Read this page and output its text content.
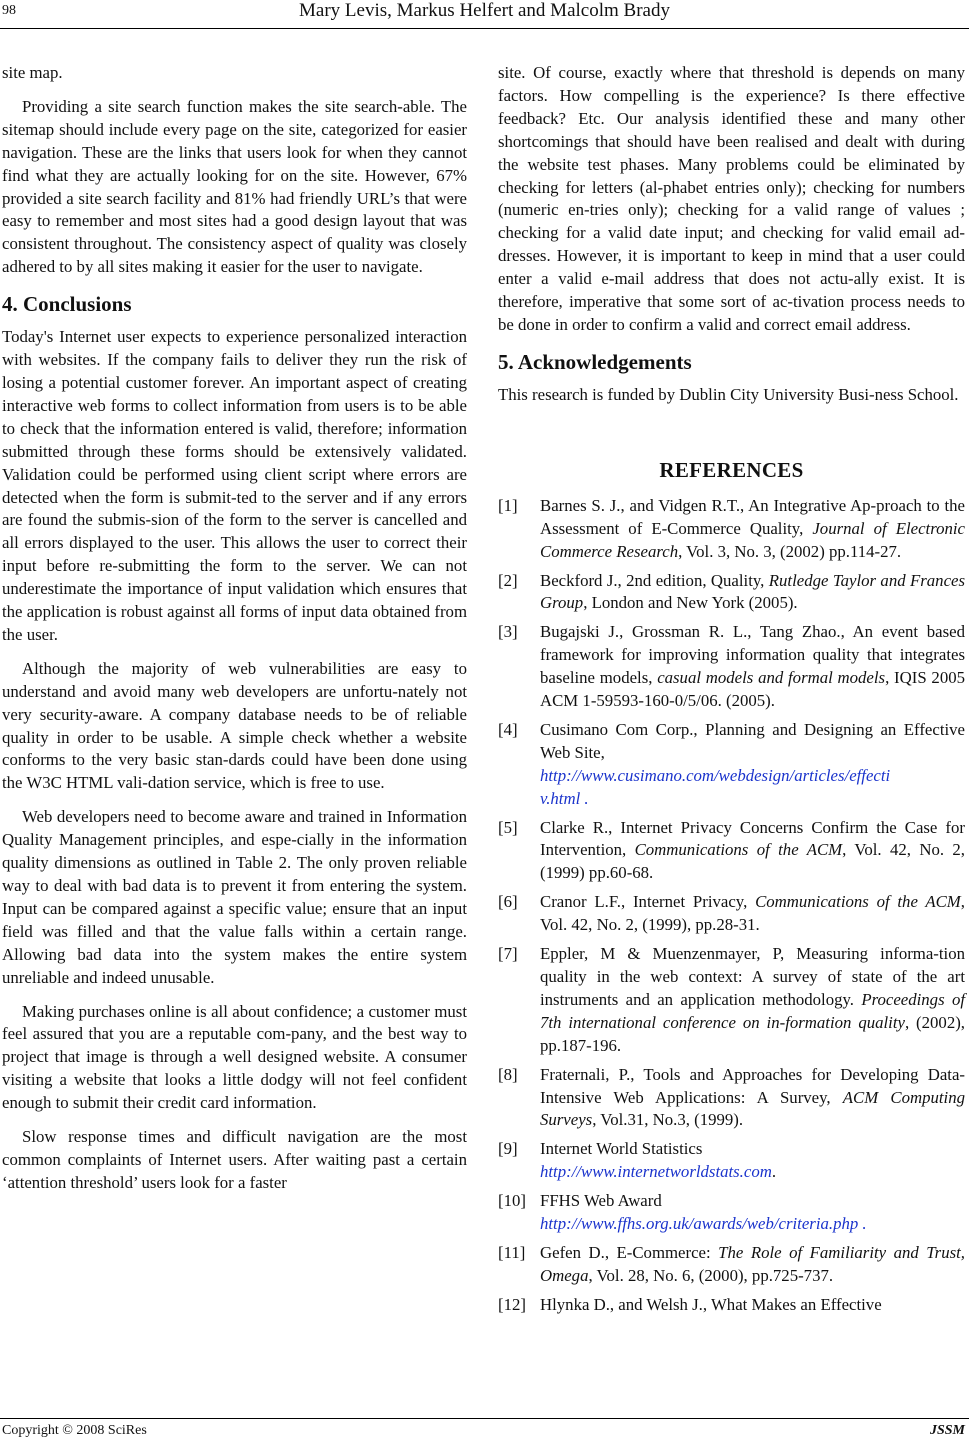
98	Mary Levis, Markus Helfert and Malcolm Brady

site map.

Providing a site search function makes the site search-able. The sitemap should include every page on the site, categorized for easier navigation. These are the links that users look for when they cannot find what they are actually looking for on the site. However, 67% provided a site search facility and 81% had friendly URL’s that were easy to remember and most sites had a good design layout that was consistent throughout. The consistency aspect of quality was closely adhered to by all sites making it easier for the user to navigate.

4. Conclusions

Today's Internet user expects to experience personalized interaction with websites. If the company fails to deliver they run the risk of losing a potential customer forever. An important aspect of creating interactive web forms to collect information from users is to be able to check that the information entered is valid, therefore; information submitted through these forms should be extensively validated. Validation could be performed using client script where errors are detected when the form is submit-ted to the server and if any errors are found the submis-sion of the form to the server is cancelled and all errors displayed to the user. This allows the user to correct their input before re-submitting the form to the server. We can not underestimate the importance of input validation which ensures that the application is robust against all forms of input data obtained from the user.

Although the majority of web vulnerabilities are easy to understand and avoid many web developers are unfortu-nately not very security-aware. A company database needs to be of reliable quality in order to be usable. A simple check whether a website conforms to the very basic stan-dards could have been done using the W3C HTML vali-dation service, which is free to use.

Web developers need to become aware and trained in Information Quality Management principles, and espe-cially in the information quality dimensions as outlined in Table 2. The only proven reliable way to deal with bad data is to prevent it from entering the system. Input can be compared against a specific value; ensure that an input field was filled and that the value falls within a certain range. Allowing bad data into the system makes the entire system unreliable and indeed unusable.

Making purchases online is all about confidence; a customer must feel assured that you are a reputable com-pany, and the best way to project that image is through a well designed website. A consumer visiting a website that looks a little dodgy will not feel confident enough to submit their credit card information.

Slow response times and difficult navigation are the most common complaints of Internet users. After waiting past a certain ‘attention threshold’ users look for a faster

site. Of course, exactly where that threshold is depends on many factors. How compelling is the experience? Is there effective feedback? Etc. Our analysis identified these and many other shortcomings that should have been realised and dealt with during the website test phases. Many problems could be eliminated by checking for letters (al-phabet entries only); checking for numbers (numeric en-tries only); checking for a valid range of values ; checking for a valid date input; and checking for valid email ad-dresses. However, it is important to keep in mind that a user could enter a valid e-mail address that does not actu-ally exist. It is therefore, imperative that some sort of ac-tivation process needs to be done in order to confirm a valid and correct email address.

5. Acknowledgements

This research is funded by Dublin City University Busi-ness School.

REFERENCES
[1] Barnes S. J., and Vidgen R.T., An Integrative Ap-proach to the Assessment of E-Commerce Quality, Journal of Electronic Commerce Research, Vol. 3, No. 3, (2002) pp.114-27.
[2] Beckford J., 2nd edition, Quality, Rutledge Taylor and Frances Group, London and New York (2005).
[3] Bugajski J., Grossman R. L., Tang Zhao., An event based framework for improving information quality that integrates baseline models, casual models and formal models, IQIS 2005 ACM 1-59593-160-0/5/06. (2005).
[4] Cusimano Com Corp., Planning and Designing an Effective Web Site,
http://www.cusimano.com/webdesign/articles/effecti
v.html .
[5] Clarke R., Internet Privacy Concerns Confirm the Case for Intervention, Communications of the ACM, Vol. 42, No. 2, (1999) pp.60-68.
[6] Cranor L.F., Internet Privacy, Communications of the ACM, Vol. 42, No. 2, (1999), pp.28-31.
[7] Eppler, M & Muenzenmayer, P, Measuring informa-tion quality in the web context: A survey of state of the art instruments and an application methodology. Proceedings of 7th international conference on in-formation quality, (2002), pp.187-196.
[8] Fraternali, P., Tools and Approaches for Developing Data-Intensive Web Applications: A Survey, ACM Computing Surveys, Vol.31, No.3, (1999).
[9] Internet World Statistics
http://www.internetworldstats.com.
[10] FFHS Web Award
http://www.ffhs.org.uk/awards/web/criteria.php .
[11] Gefen D., E-Commerce: The Role of Familiarity and Trust, Omega, Vol. 28, No. 6, (2000), pp.725-737.
[12] Hlynka D., and Welsh J., What Makes an Effective
Copyright © 2008 SciRes	JSSM
